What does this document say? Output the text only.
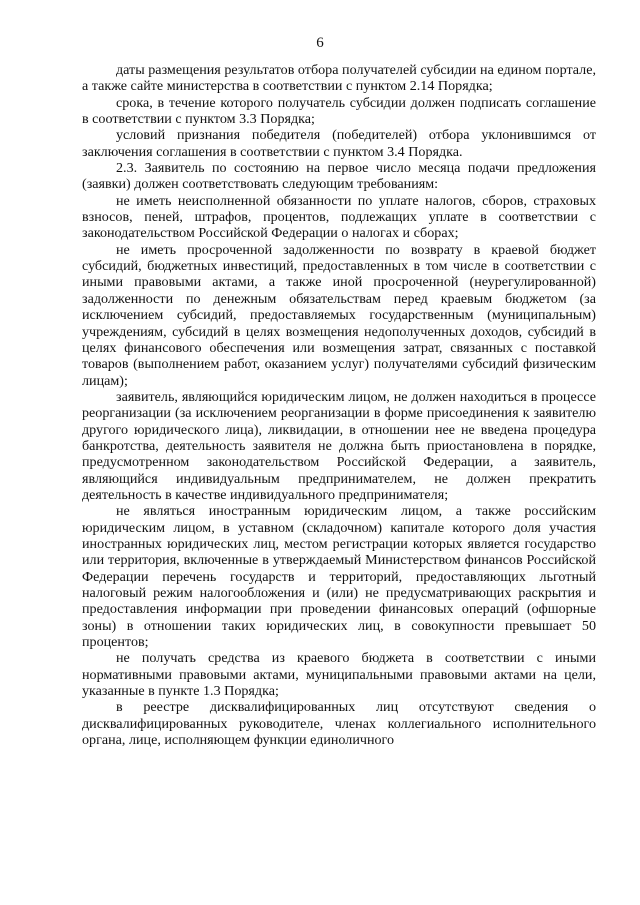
6

даты размещения результатов отбора получателей субсидии на едином портале, а также сайте министерства в соответствии с пунктом 2.14 Порядка;

срока, в течение которого получатель субсидии должен подписать соглашение в соответствии с пунктом 3.3 Порядка;

условий признания победителя (победителей) отбора уклонившимся от заключения соглашения в соответствии с пунктом 3.4 Порядка.

2.3. Заявитель по состоянию на первое число месяца подачи предложения (заявки) должен соответствовать следующим требованиям:

не иметь неисполненной обязанности по уплате налогов, сборов, страховых взносов, пеней, штрафов, процентов, подлежащих уплате в соответствии с законодательством Российской Федерации о налогах и сборах;

не иметь просроченной задолженности по возврату в краевой бюджет субсидий, бюджетных инвестиций, предоставленных в том числе в соответствии с иными правовыми актами, а также иной просроченной (неурегулированной) задолженности по денежным обязательствам перед краевым бюджетом (за исключением субсидий, предоставляемых государственным (муниципальным) учреждениям, субсидий в целях возмещения недополученных доходов, субсидий в целях финансового обеспечения или возмещения затрат, связанных с поставкой товаров (выполнением работ, оказанием услуг) получателями субсидий физическим лицам);

заявитель, являющийся юридическим лицом, не должен находиться в процессе реорганизации (за исключением реорганизации в форме присоединения к заявителю другого юридического лица), ликвидации, в отношении нее не введена процедура банкротства, деятельность заявителя не должна быть приостановлена в порядке, предусмотренном законодательством Российской Федерации, а заявитель, являющийся индивидуальным предпринимателем, не должен прекратить деятельность в качестве индивидуального предпринимателя;

не являться иностранным юридическим лицом, а также российским юридическим лицом, в уставном (складочном) капитале которого доля участия иностранных юридических лиц, местом регистрации которых является государство или территория, включенные в утверждаемый Министерством финансов Российской Федерации перечень государств и территорий, предоставляющих льготный налоговый режим налогообложения и (или) не предусматривающих раскрытия и предоставления информации при проведении финансовых операций (офшорные зоны) в отношении таких юридических лиц, в совокупности превышает 50 процентов;

не получать средства из краевого бюджета в соответствии с иными нормативными правовыми актами, муниципальными правовыми актами на цели, указанные в пункте 1.3 Порядка;

в реестре дисквалифицированных лиц отсутствуют сведения о дисквалифицированных руководителе, членах коллегиального исполнительного органа, лице, исполняющем функции единоличного
